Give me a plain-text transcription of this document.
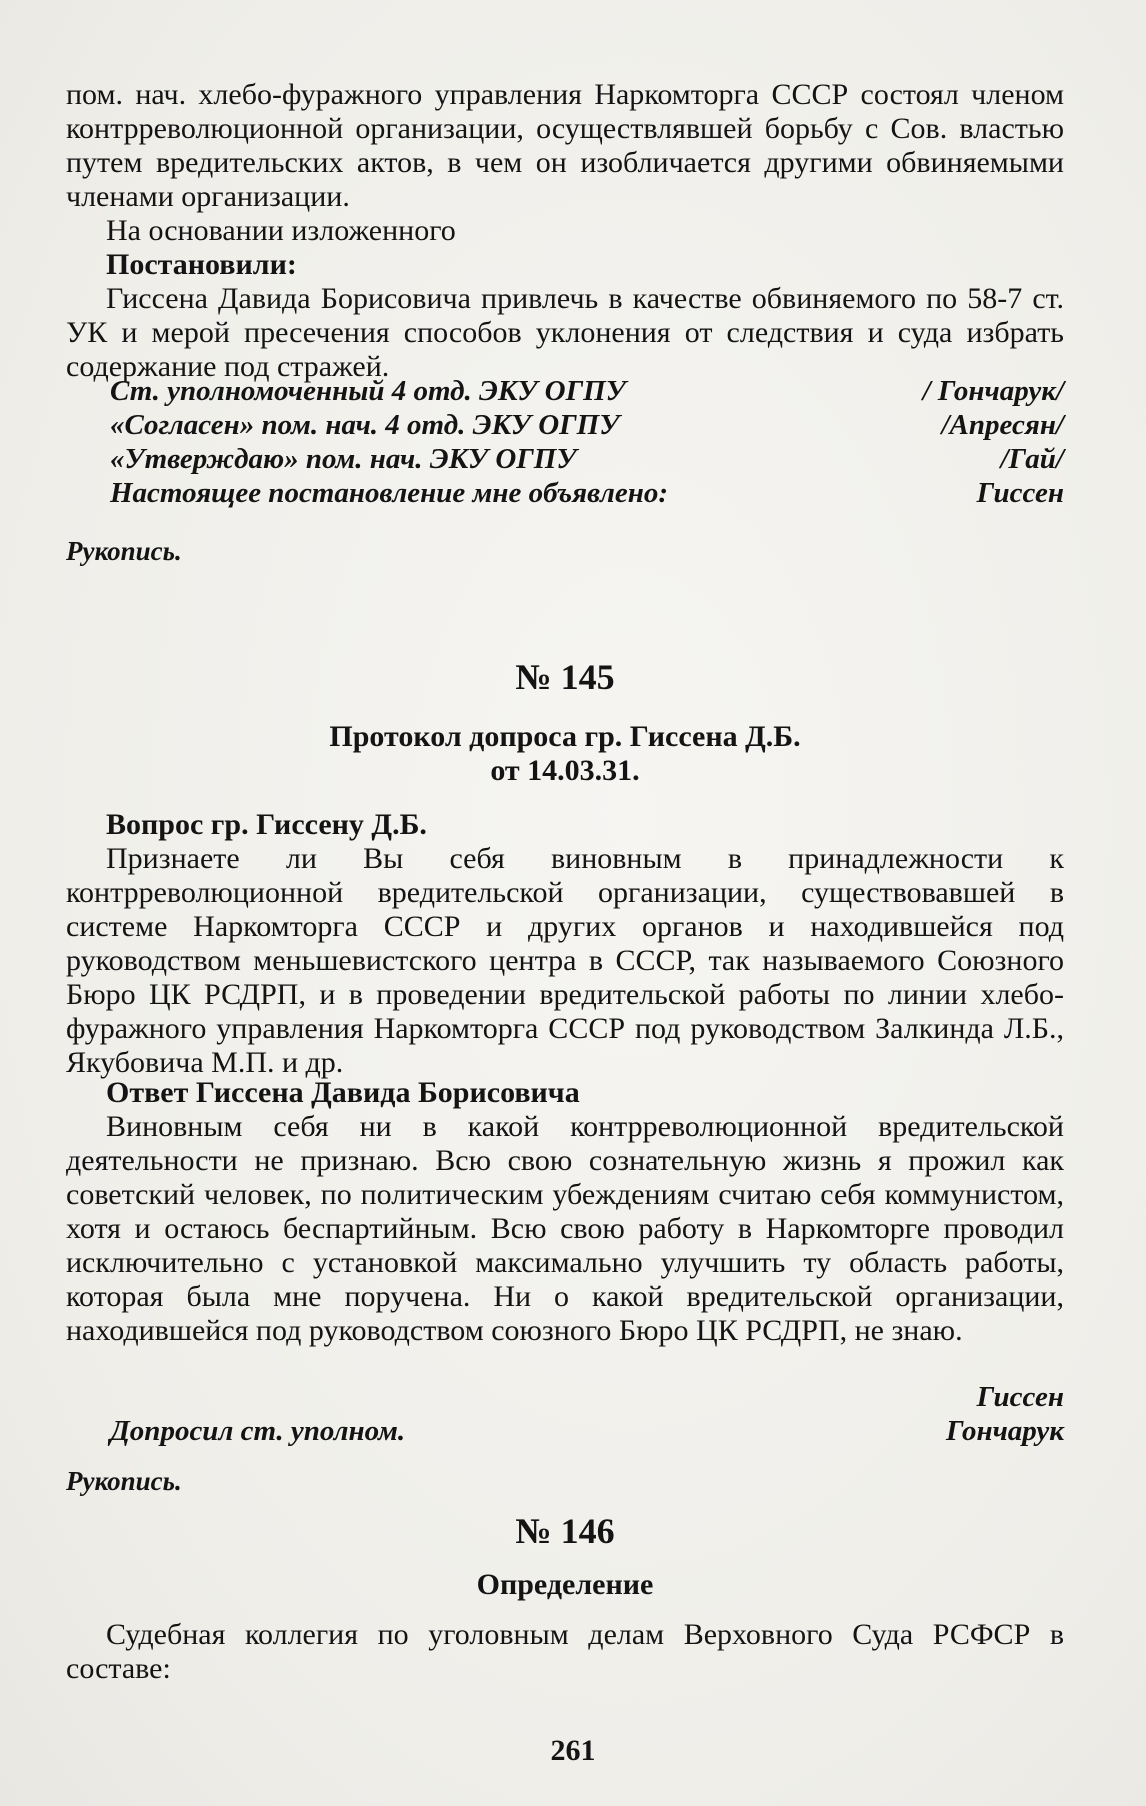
пом. нач. хлебо-фуражного управления Наркомторга СССР состоял членом контрреволюционной организации, осуществлявшей борьбу с Сов. властью путем вредительских актов, в чем он изобличается другими обвиняемыми членами организации.
На основании изложенного
Постановили:
Гиссена Давида Борисовича привлечь в качестве обвиняемого по 58-7 ст. УК и мерой пресечения способов уклонения от следствия и суда избрать содержание под стражей.
Ст. уполномоченный 4 отд. ЭКУ ОГПУ	/ Гончарук/
«Согласен» пом. нач. 4 отд. ЭКУ ОГПУ	/Апресян/
«Утверждаю» пом. нач. ЭКУ ОГПУ	/Гай/
Настоящее постановление мне объявлено:	Гиссен
Рукопись.
№ 145
Протокол допроса гр. Гиссена Д.Б.
от 14.03.31.
Вопрос гр. Гиссену Д.Б.
Признаете ли Вы себя виновным в принадлежности к контрреволюционной вредительской организации, существовавшей в системе Наркомторга СССР и других органов и находившейся под руководством меньшевистского центра в СССР, так называемого Союзного Бюро ЦК РСДРП, и в проведении вредительской работы по линии хлебо-фуражного управления Наркомторга СССР под руководством Залкинда Л.Б., Якубовича М.П. и др.
Ответ Гиссена Давида Борисовича
Виновным себя ни в какой контрреволюционной вредительской деятельности не признаю. Всю свою сознательную жизнь я прожил как советский человек, по политическим убеждениям считаю себя коммунистом, хотя и остаюсь беспартийным. Всю свою работу в Наркомторге проводил исключительно с установкой максимально улучшить ту область работы, которая была мне поручена. Ни о какой вредительской организации, находившейся под руководством союзного Бюро ЦК РСДРП, не знаю.
Гиссен
Допросил ст. уполном.	Гончарук
Рукопись.
№ 146
Определение
Судебная коллегия по уголовным делам Верховного Суда РСФСР в составе:
261
